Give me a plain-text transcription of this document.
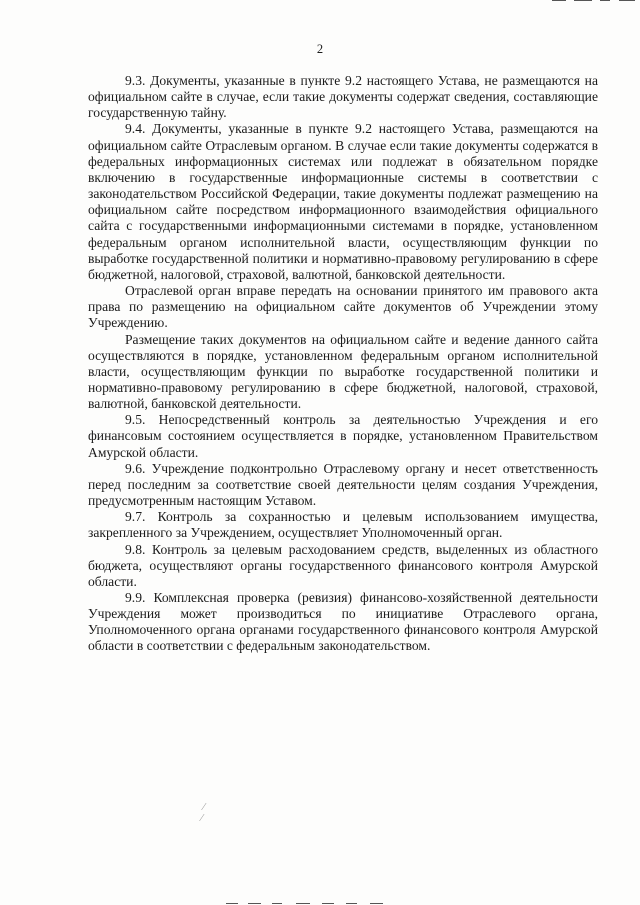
2

9.3. Документы, указанные в пункте 9.2 настоящего Устава, не размещаются на официальном сайте в случае, если такие документы содержат сведения, составляющие государственную тайну.

9.4. Документы, указанные в пункте 9.2 настоящего Устава, размещаются на официальном сайте Отраслевым органом. В случае если такие документы содержатся в федеральных информационных системах или подлежат в обязательном порядке включению в государственные информационные системы в соответствии с законодательством Российской Федерации, такие документы подлежат размещению на официальном сайте посредством информационного взаимодействия официального сайта с государственными информационными системами в порядке, установленном федеральным органом исполнительной власти, осуществляющим функции по выработке государственной политики и нормативно-правовому регулированию в сфере бюджетной, налоговой, страховой, валютной, банковской деятельности.

Отраслевой орган вправе передать на основании принятого им правового акта права по размещению на официальном сайте документов об Учреждении этому Учреждению.

Размещение таких документов на официальном сайте и ведение данного сайта осуществляются в порядке, установленном федеральным органом исполнительной власти, осуществляющим функции по выработке государственной политики и нормативно-правовому регулированию в сфере бюджетной, налоговой, страховой, валютной, банковской деятельности.

9.5. Непосредственный контроль за деятельностью Учреждения и его финансовым состоянием осуществляется в порядке, установленном Правительством Амурской области.

9.6. Учреждение подконтрольно Отраслевому органу и несет ответственность перед последним за соответствие своей деятельности целям создания Учреждения, предусмотренным настоящим Уставом.

9.7. Контроль за сохранностью и целевым использованием имущества, закрепленного за Учреждением, осуществляет Уполномоченный орган.

9.8. Контроль за целевым расходованием средств, выделенных из областного бюджета, осуществляют органы государственного финансового контроля Амурской области.

9.9. Комплексная проверка (ревизия) финансово-хозяйственной деятельности Учреждения может производиться по инициативе Отраслевого органа, Уполномоченного органа органами государственного финансового контроля Амурской области в соответствии с федеральным законодательством.

⁄
⁄
